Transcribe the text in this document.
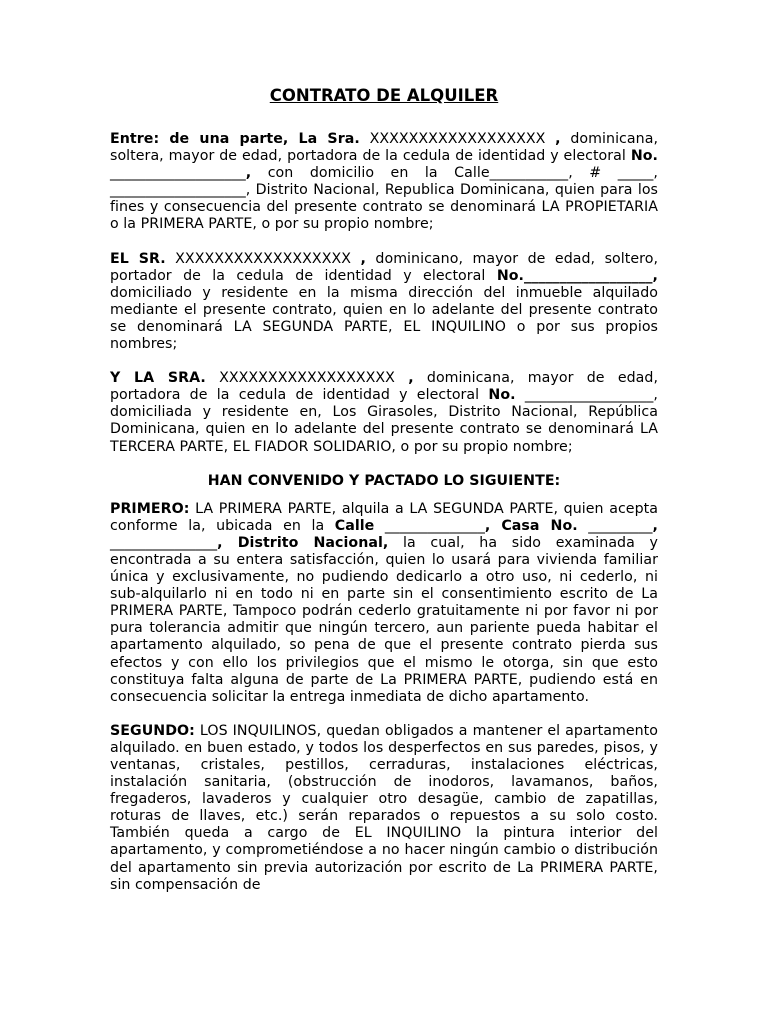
CONTRATO DE ALQUILER

Entre: de una parte, La Sra. XXXXXXXXXXXXXXXXXX , dominicana, soltera, mayor de edad, portadora de la cedula de identidad y electoral No. ___________________, con domicilio en la Calle___________, # _____, ___________________, Distrito Nacional, Republica Dominicana, quien para los fines y consecuencia del presente contrato se denominará LA PROPIETARIA o la PRIMERA PARTE, o por su propio nombre;

EL SR. XXXXXXXXXXXXXXXXXX , dominicano, mayor de edad, soltero, portador de la cedula de identidad y electoral No.__________________, domiciliado y residente en la misma dirección del inmueble alquilado mediante el presente contrato, quien en lo adelante del presente contrato se denominará LA SEGUNDA PARTE, EL INQUILINO o por sus propios nombres;

Y LA SRA. XXXXXXXXXXXXXXXXXX , dominicana, mayor de edad, portadora de la cedula de identidad y electoral No. __________________, domiciliada y residente en, Los Girasoles, Distrito Nacional, República Dominicana, quien en lo adelante del presente contrato se denominará LA TERCERA PARTE, EL FIADOR SOLIDARIO, o por su propio nombre;

HAN CONVENIDO Y PACTADO LO SIGUIENTE:

PRIMERO: LA PRIMERA PARTE, alquila a LA SEGUNDA PARTE, quien acepta conforme la, ubicada en la Calle ______________, Casa No. _________, _______________, Distrito Nacional, la cual, ha sido examinada y encontrada a su entera satisfacción, quien lo usará para vivienda familiar única y exclusivamente, no pudiendo dedicarlo a otro uso, ni cederlo, ni sub-alquilarlo ni en todo ni en parte sin el consentimiento escrito de La PRIMERA PARTE, Tampoco podrán cederlo gratuitamente ni por favor ni por pura tolerancia admitir que ningún tercero, aun pariente pueda habitar el apartamento alquilado, so pena de que el presente contrato pierda sus efectos y con ello los privilegios que el mismo le otorga, sin que esto constituya falta alguna de parte de La PRIMERA PARTE, pudiendo está en consecuencia solicitar la entrega inmediata de dicho apartamento.

SEGUNDO: LOS INQUILINOS, quedan obligados a mantener el apartamento alquilado. en buen estado, y todos los desperfectos en sus paredes, pisos, y ventanas, cristales, pestillos, cerraduras, instalaciones eléctricas, instalación sanitaria, (obstrucción de inodoros, lavamanos, baños, fregaderos, lavaderos y cualquier otro desagüe, cambio de zapatillas, roturas de llaves, etc.) serán reparados o repuestos a su solo costo. También queda a cargo de EL INQUILINO la pintura interior del apartamento, y comprometiéndose a no hacer ningún cambio o distribución del apartamento sin previa autorización por escrito de La PRIMERA PARTE, sin compensación de
